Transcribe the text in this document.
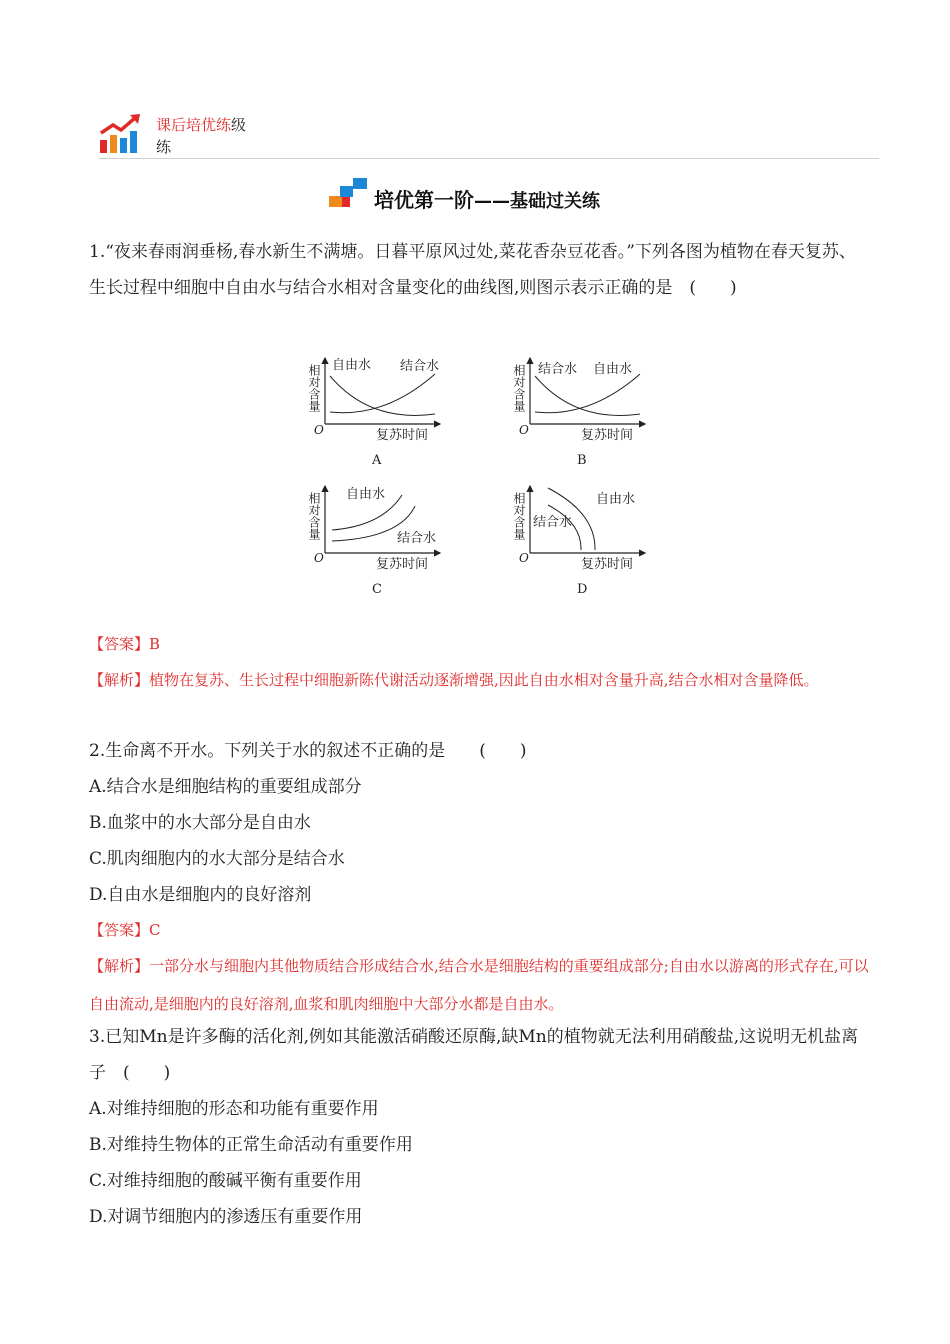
课后培优练级
练
培优第一阶——基础过关练

1.“夜来春雨润垂杨,春水新生不满塘。日暮平原风过处,菜花香杂豆花香。”下列各图为植物在春天复苏、生长过程中细胞中自由水与结合水相对含量变化的曲线图,则图示表示正确的是　(　　)

自由水 结合水
相对含量
O	复苏时间
A
结合水 自由水
相对含量
O	复苏时间
B
自由水
结合水
相对含量
O	复苏时间
C
自由水
结合水
相对含量
O	复苏时间
D

【答案】B

【解析】植物在复苏、生长过程中细胞新陈代谢活动逐渐增强,因此自由水相对含量升高,结合水相对含量降低。

2.生命离不开水。下列关于水的叙述不正确的是　　(　　)

A.结合水是细胞结构的重要组成部分

B.血浆中的水大部分是自由水

C.肌肉细胞内的水大部分是结合水

D.自由水是细胞内的良好溶剂

【答案】C

【解析】一部分水与细胞内其他物质结合形成结合水,结合水是细胞结构的重要组成部分;自由水以游离的形式存在,可以自由流动,是细胞内的良好溶剂,血浆和肌肉细胞中大部分水都是自由水。

3.已知Mn是许多酶的活化剂,例如其能激活硝酸还原酶,缺Mn的植物就无法利用硝酸盐,这说明无机盐离子　(　　)

A.对维持细胞的形态和功能有重要作用

B.对维持生物体的正常生命活动有重要作用

C.对维持细胞的酸碱平衡有重要作用

D.对调节细胞内的渗透压有重要作用
